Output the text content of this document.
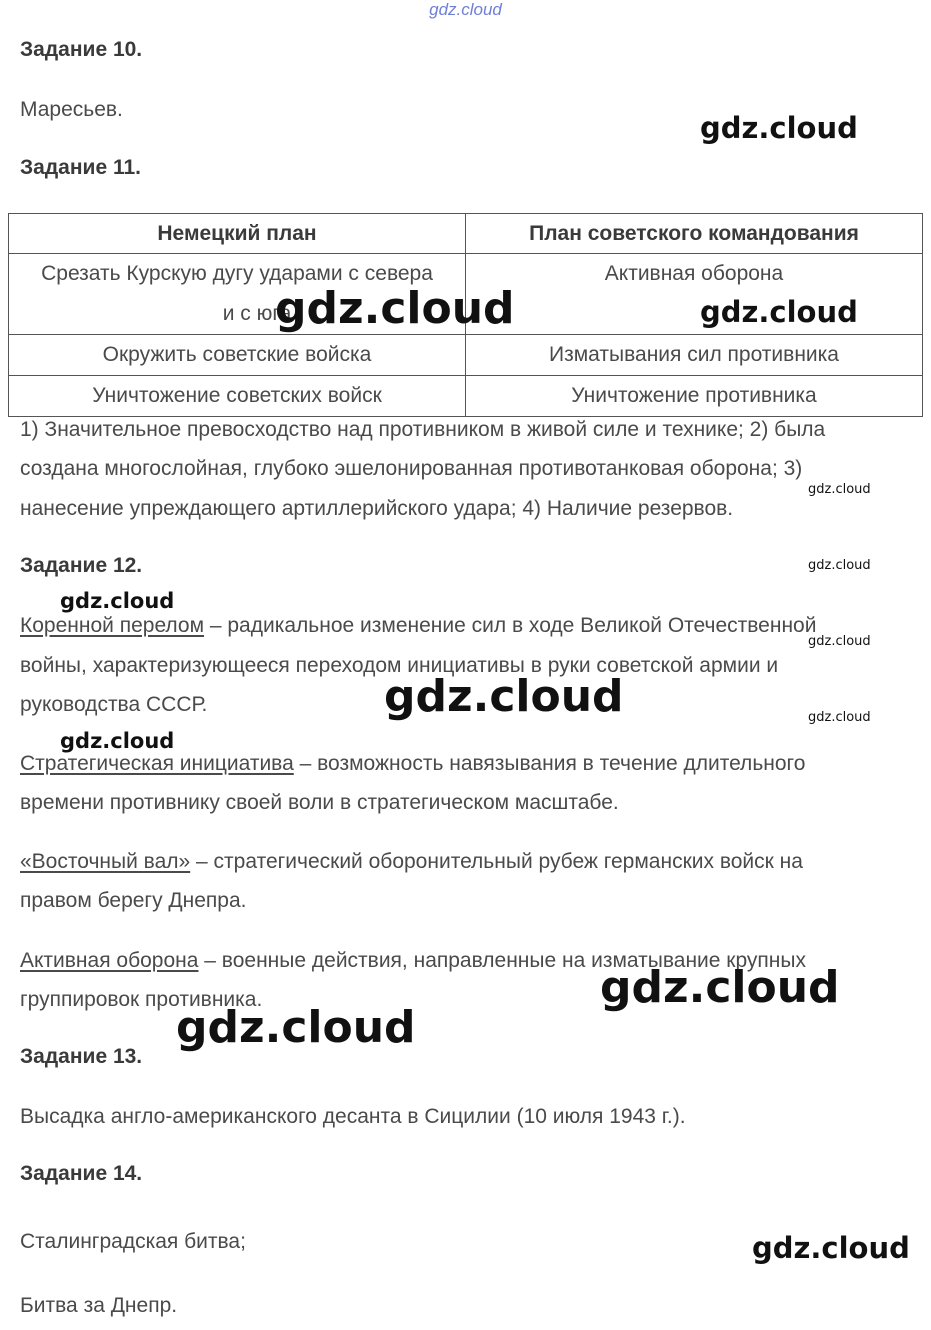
gdz.cloud
Задание 10.
Маресьев.
Задание 11.
Немецкий план	План советского командования

Срезать Курскую дугу ударами с севера
и с юга	Активная оборона
Окружить советские войска	Изматывания сил противника
Уничтожение советских войск	Уничтожение противника
1) Значительное превосходство над противником в живой силе и технике; 2) была
создана многослойная, глубоко эшелонированная противотанковая оборона; 3)
нанесение упреждающего артиллерийского удара; 4) Наличие резервов.
Задание 12.
Коренной перелом – радикальное изменение сил в ходе Великой Отечественной
войны, характеризующееся переходом инициативы в руки советской армии и
руководства СССР.
Стратегическая инициатива – возможность навязывания в течение длительного
времени противнику своей воли в стратегическом масштабе.
«Восточный вал» – стратегический оборонительный рубеж германских войск на
правом берегу Днепра.
Активная оборона – военные действия, направленные на изматывание крупных
группировок противника.
Задание 13.
Высадка англо-американского десанта в Сицилии (10 июля 1943 г.).
Задание 14.
Сталинградская битва;
Битва за Днепр.
gdz.cloud
gdz.cloud	gdz.cloud
gdz.cloud
gdz.cloud
gdz.cloud
gdz.cloud
gdz.cloud	gdz.cloud
gdz.cloud
gdz.cloud
gdz.cloud
gdz.cloud
